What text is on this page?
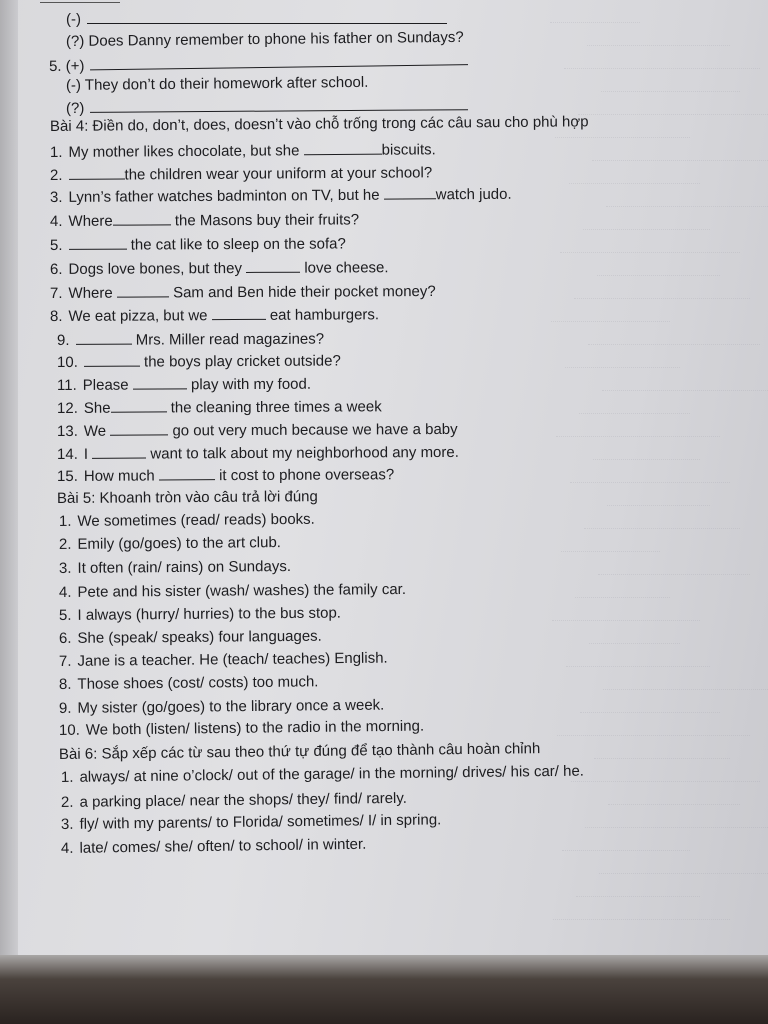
(-)
(?) Does Danny remember to phone his father on Sundays?
5. (+)
(-) They don’t do their homework after school.
(?)
Bài 4: Điền do, don’t, does, doesn’t vào chỗ trống trong các câu sau cho phù hợp
1. My mother likes chocolate, but she	biscuits.
2.	the children wear your uniform at your school?
3. Lynn’s father watches badminton on TV, but he	watch judo.
4. Where	the Masons buy their fruits?
5.	the cat like to sleep on the sofa?
6. Dogs love bones, but they	love cheese.
7. Where	Sam and Ben hide their pocket money?
8. We eat pizza, but we	eat hamburgers.
9.	Mrs. Miller read magazines?
10.	the boys play cricket outside?
11. Please	play with my food.
12. She	the cleaning three times a week
13. We	go out very much because we have a baby
14. I	want to talk about my neighborhood any more.
15. How much	it cost to phone overseas?
Bài 5: Khoanh tròn vào câu trả lời đúng
1. We sometimes (read/ reads) books.
2. Emily (go/goes) to the art club.
3. It often (rain/ rains) on Sundays.
4. Pete and his sister (wash/ washes) the family car.
5. I always (hurry/ hurries) to the bus stop.
6. She (speak/ speaks) four languages.
7. Jane is a teacher. He (teach/ teaches) English.
8. Those shoes (cost/ costs) too much.
9. My sister (go/goes) to the library once a week.
10. We both (listen/ listens) to the radio in the morning.
Bài 6: Sắp xếp các từ sau theo thứ tự đúng để tạo thành câu hoàn chỉnh
1. always/ at nine o’clock/ out of the garage/ in the morning/ drives/ his car/ he.
2. a parking place/ near the shops/ they/ find/ rarely.
3. fly/ with my parents/ to Florida/ sometimes/ I/ in spring.
4. late/ comes/ she/ often/ to school/ in winter.
